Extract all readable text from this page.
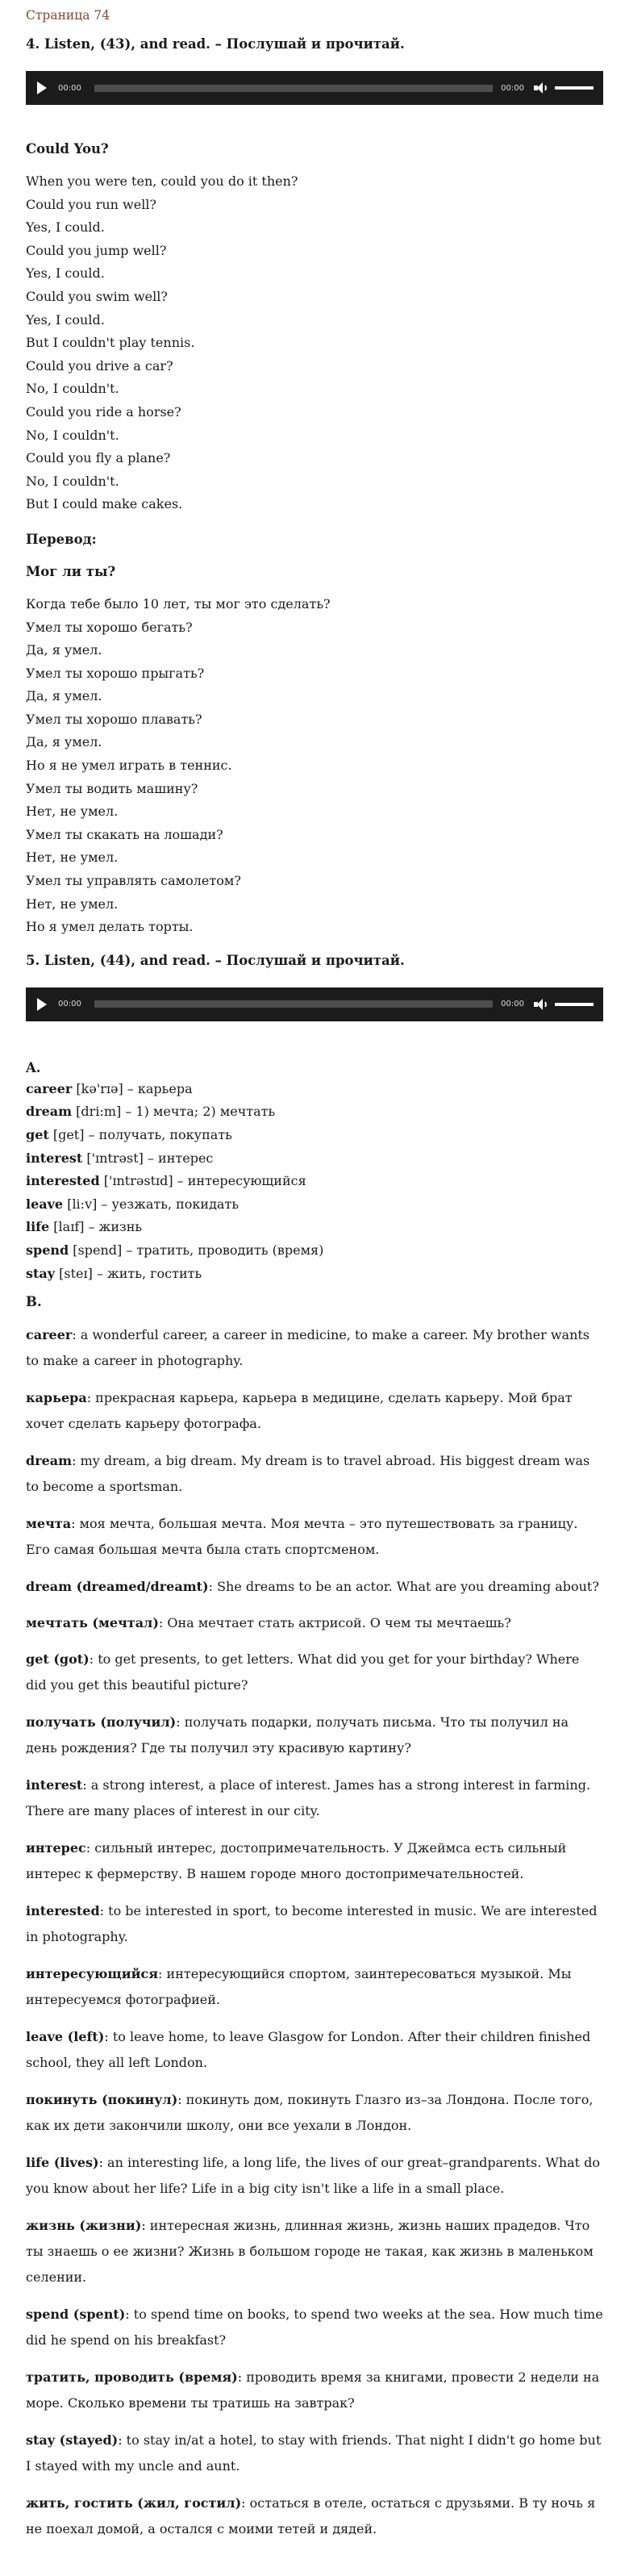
Страница 74
4. Listen, (43), and read. – Послушай и прочитай.
00:00	00:00
Could You?
When you were ten, could you do it then?
Could you run well?
Yes, I could.
Could you jump well?
Yes, I could.
Could you swim well?
Yes, I could.
But I couldn't play tennis.
Could you drive a car?
No, I couldn't.
Could you ride a horse?
No, I couldn't.
Could you fly a plane?
No, I couldn't.
But I could make cakes.
Перевод:
Мог ли ты?
Когда тебе было 10 лет, ты мог это сделать?
Умел ты хорошо бегать?
Да, я умел.
Умел ты хорошо прыгать?
Да, я умел.
Умел ты хорошо плавать?
Да, я умел.
Но я не умел играть в теннис.
Умел ты водить машину?
Нет, не умел.
Умел ты скакать на лошади?
Нет, не умел.
Умел ты управлять самолетом?
Нет, не умел.
Но я умел делать торты.
5. Listen, (44), and read. – Послушай и прочитай.
00:00	00:00
A.
career [kə'rɪə] – карьера
dream [dri:m] – 1) мечта; 2) мечтать
get [ɡet] – получать, покупать
interest ['ɪntrəst] – интерес
interested ['ɪntrəstɪd] – интересующийся
leave [li:v] – уезжать, покидать
life [laɪf] – жизнь
spend [spend] – тратить, проводить (время)
stay [steɪ] – жить, гостить
B.

career: a wonderful career, a career in medicine, to make a career. My brother wants to make a career in photography.

карьера: прекрасная карьера, карьера в медицине, сделать карьеру. Мой брат хочет сделать карьеру фотографа.

dream: my dream, a big dream. My dream is to travel abroad. His biggest dream was to become a sportsman.

мечта: моя мечта, большая мечта. Моя мечта – это путешествовать за границу. Его самая большая мечта была стать спортсменом.

dream (dreamed/dreamt): She dreams to be an actor. What are you dreaming about?

мечтать (мечтал): Она мечтает стать актрисой. О чем ты мечтаешь?

get (got): to get presents, to get letters. What did you get for your birthday? Where did you get this beautiful picture?

получать (получил): получать подарки, получать письма. Что ты получил на день рождения? Где ты получил эту красивую картину?

interest: a strong interest, a place of interest. James has a strong interest in farming. There are many places of interest in our city.

интерес: сильный интерес, достопримечательность. У Джеймса есть сильный интерес к фермерству. В нашем городе много достопримечательностей.

interested: to be interested in sport, to become interested in music. We are interested in photography.

интересующийся: интересующийся спортом, заинтересоваться музыкой. Мы интересуемся фотографией.

leave (left): to leave home, to leave Glasgow for London. After their children finished school, they all left London.

покинуть (покинул): покинуть дом, покинуть Глазго из–за Лондона. После того, как их дети закончили школу, они все уехали в Лондон.

life (lives): an interesting life, a long life, the lives of our great–grandparents. What do you know about her life? Life in a big city isn't like a life in a small place.

жизнь (жизни): интересная жизнь, длинная жизнь, жизнь наших прадедов. Что ты знаешь о ее жизни? Жизнь в большом городе не такая, как жизнь в маленьком селении.

spend (spent): to spend time on books, to spend two weeks at the sea. How much time did he spend on his breakfast?

тратить, проводить (время): проводить время за книгами, провести 2 недели на море. Сколько времени ты тратишь на завтрак?

stay (stayed): to stay in/at a hotel, to stay with friends. That night I didn't go home but I stayed with my uncle and aunt.

жить, гостить (жил, гостил): остаться в отеле, остаться с друзьями. В ту ночь я не поехал домой, а остался с моими тетей и дядей.
